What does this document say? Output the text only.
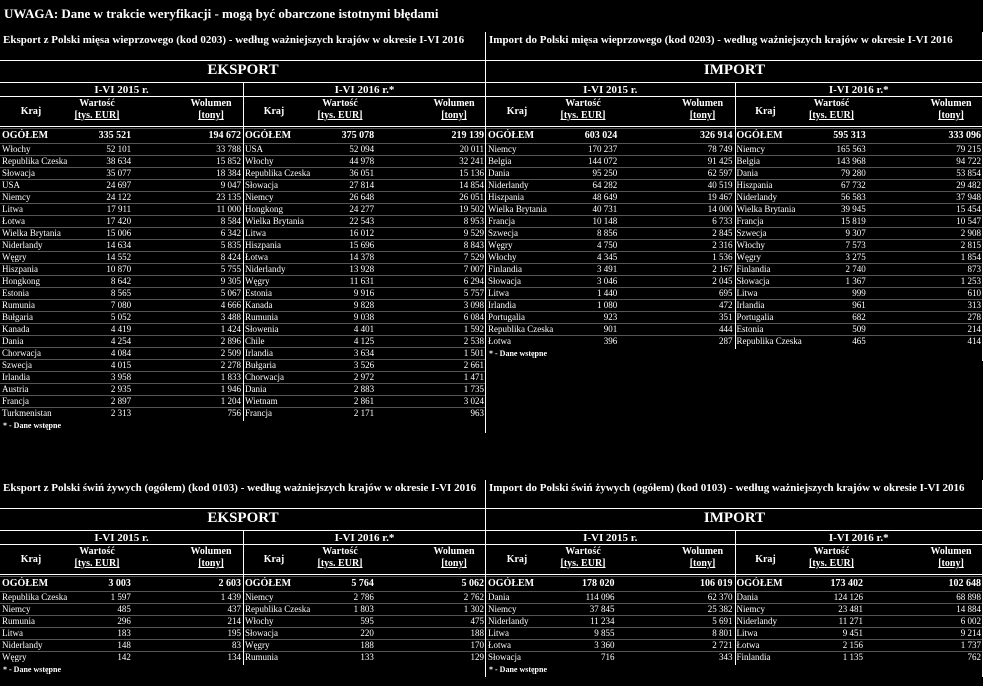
UWAGA: Dane w trakcie weryfikacji - mogą być obarczone istotnymi błędami
Eksport z Polski mięsa wieprzowego (kod 0203) - według ważniejszych krajów w okresie I-VI 2016
EKSPORT
I-VI 2015 r.	I-VI 2016 r.*
Kraj
Wartość
[tys. EUR]
Wolumen
[tony]	Kraj
Wartość
[tys. EUR]
Wolumen
[tony]
OGÓŁEM	335 521		194 672
Włochy	52 101		33 788
Republika Czeska	38 634		15 852
Słowacja	35 077		18 384
USA	24 697		9 047
Niemcy	24 122		23 135
Litwa	17 911		11 000
Łotwa	17 420		8 584
Wielka Brytania	15 006		6 342
Niderlandy	14 634		5 835
Węgry	14 552		8 424
Hiszpania	10 870		5 755
Hongkong	8 642		9 305
Estonia	8 565		5 067
Rumunia	7 080		4 666
Bułgaria	5 052		3 488
Kanada	4 419		1 424
Dania	4 254		2 896
Chorwacja	4 084		2 509
Szwecja	4 015		2 278
Irlandia	3 958		1 833
Austria	2 935		1 946
Francja	2 897		1 204
Turkmenistan	2 313		756
OGÓŁEM	375 078		219 139
USA	52 094		20 011
Włochy	44 978		32 241
Republika Czeska	36 051		15 136
Słowacja	27 814		14 854
Niemcy	26 648		26 051
Hongkong	24 277		19 502
Wielka Brytania	22 543		8 953
Litwa	16 012		9 529
Hiszpania	15 696		8 843
Łotwa	14 378		7 529
Niderlandy	13 928		7 007
Węgry	11 631		6 294
Estonia	9 916		5 757
Kanada	9 828		3 098
Rumunia	9 038		6 084
Słowenia	4 401		1 592
Chile	4 125		2 538
Irlandia	3 634		1 501
Bułgaria	3 526		2 661
Chorwacja	2 972		1 471
Dania	2 883		1 735
Wietnam	2 861		3 024
Francja	2 171		963
* - Dane wstępne
Import do Polski mięsa wieprzowego (kod 0203) - według ważniejszych krajów w okresie I-VI 2016
IMPORT
I-VI 2015 r.	I-VI 2016 r.*
Kraj
Wartość
[tys. EUR]
Wolumen
[tony]	Kraj
Wartość
[tys. EUR]
Wolumen
[tony]
OGÓŁEM	603 024		326 914
Niemcy	170 237		78 749
Belgia	144 072		91 425
Dania	95 250		62 597
Niderlandy	64 282		40 519
Hiszpania	48 649		19 467
Wielka Brytania	40 731		14 000
Francja	10 148		6 733
Szwecja	8 856		2 845
Węgry	4 750		2 316
Włochy	4 345		1 536
Finlandia	3 491		2 167
Słowacja	3 046		2 045
Litwa	1 440		695
Irlandia	1 080		472
Portugalia	923		351
Republika Czeska	901		444
Łotwa	396		287
OGÓŁEM	595 313		333 096
Niemcy	165 563		79 215
Belgia	143 968		94 722
Dania	79 280		53 854
Hiszpania	67 732		29 482
Niderlandy	56 583		37 948
Wielka Brytania	39 945		15 454
Francja	15 819		10 547
Szwecja	9 307		2 908
Włochy	7 573		2 815
Węgry	3 275		1 854
Finlandia	2 740		873
Słowacja	1 367		1 253
Litwa	999		610
Irlandia	961		313
Portugalia	682		278
Estonia	509		214
Republika Czeska	465		414
* - Dane wstępne
Eksport z Polski świń żywych (ogółem) (kod 0103) - według ważniejszych krajów w okresie I-VI 2016
EKSPORT
I-VI 2015 r.	I-VI 2016 r.*
Kraj
Wartość
[tys. EUR]
Wolumen
[tony]	Kraj
Wartość
[tys. EUR]
Wolumen
[tony]
OGÓŁEM	3 003		2 603
Republika Czeska	1 597		1 439
Niemcy	485		437
Rumunia	296		214
Litwa	183		195
Niderlandy	148		83
Węgry	142		134
OGÓŁEM	5 764		5 062
Niemcy	2 786		2 762
Republika Czeska	1 803		1 302
Włochy	595		475
Słowacja	220		188
Węgry	188		170
Rumunia	133		129
* - Dane wstępne
Import do Polski świń żywych (ogółem) (kod 0103) - według ważniejszych krajów w okresie I-VI 2016
IMPORT
I-VI 2015 r.	I-VI 2016 r.*
Kraj
Wartość
[tys. EUR]
Wolumen
[tony]	Kraj
Wartość
[tys. EUR]
Wolumen
[tony]
OGÓŁEM	178 020		106 019
Dania	114 096		62 370
Niemcy	37 845		25 382
Niderlandy	11 234		5 691
Litwa	9 855		8 801
Łotwa	3 360		2 721
Słowacja	716		343
OGÓŁEM	173 402		102 648
Dania	124 126		68 898
Niemcy	23 481		14 884
Niderlandy	11 271		6 002
Litwa	9 451		9 214
Łotwa	2 156		1 737
Finlandia	1 135		762
* - Dane wstępne
